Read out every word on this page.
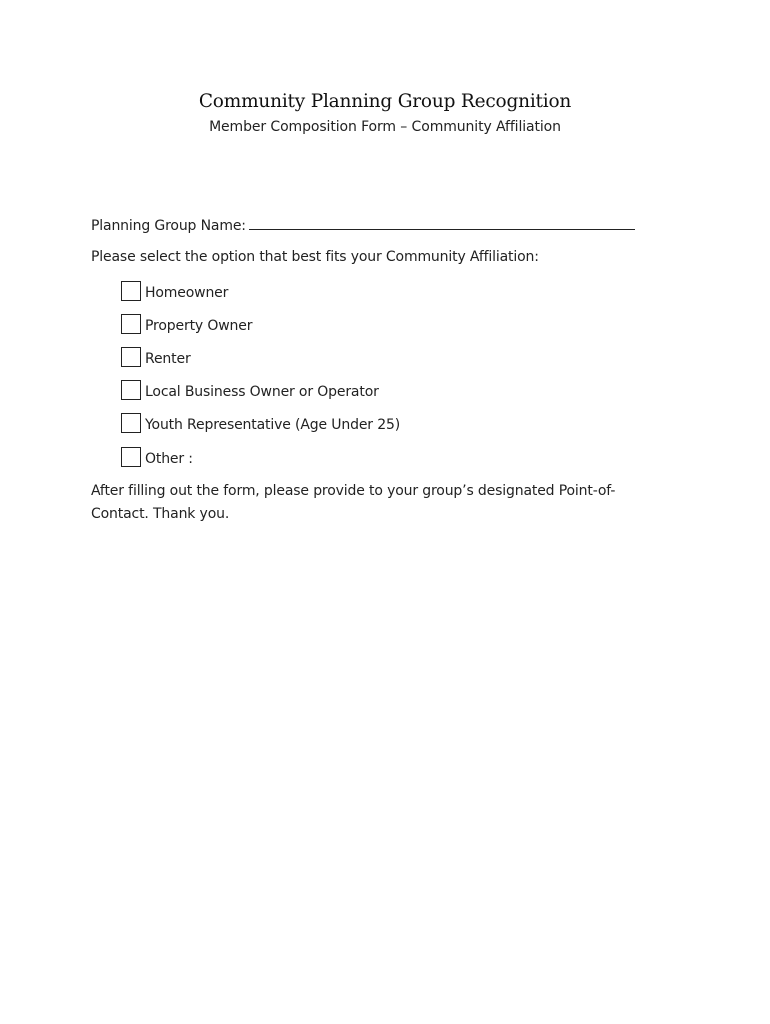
Community Planning Group Recognition
Member Composition Form – Community Affiliation
Planning Group Name:
Please select the option that best fits your Community Affiliation:
Homeowner
Property Owner
Renter
Local Business Owner or Operator
Youth Representative (Age Under 25)
Other :
After filling out the form, please provide to your group’s designated Point-of-
Contact. Thank you.
